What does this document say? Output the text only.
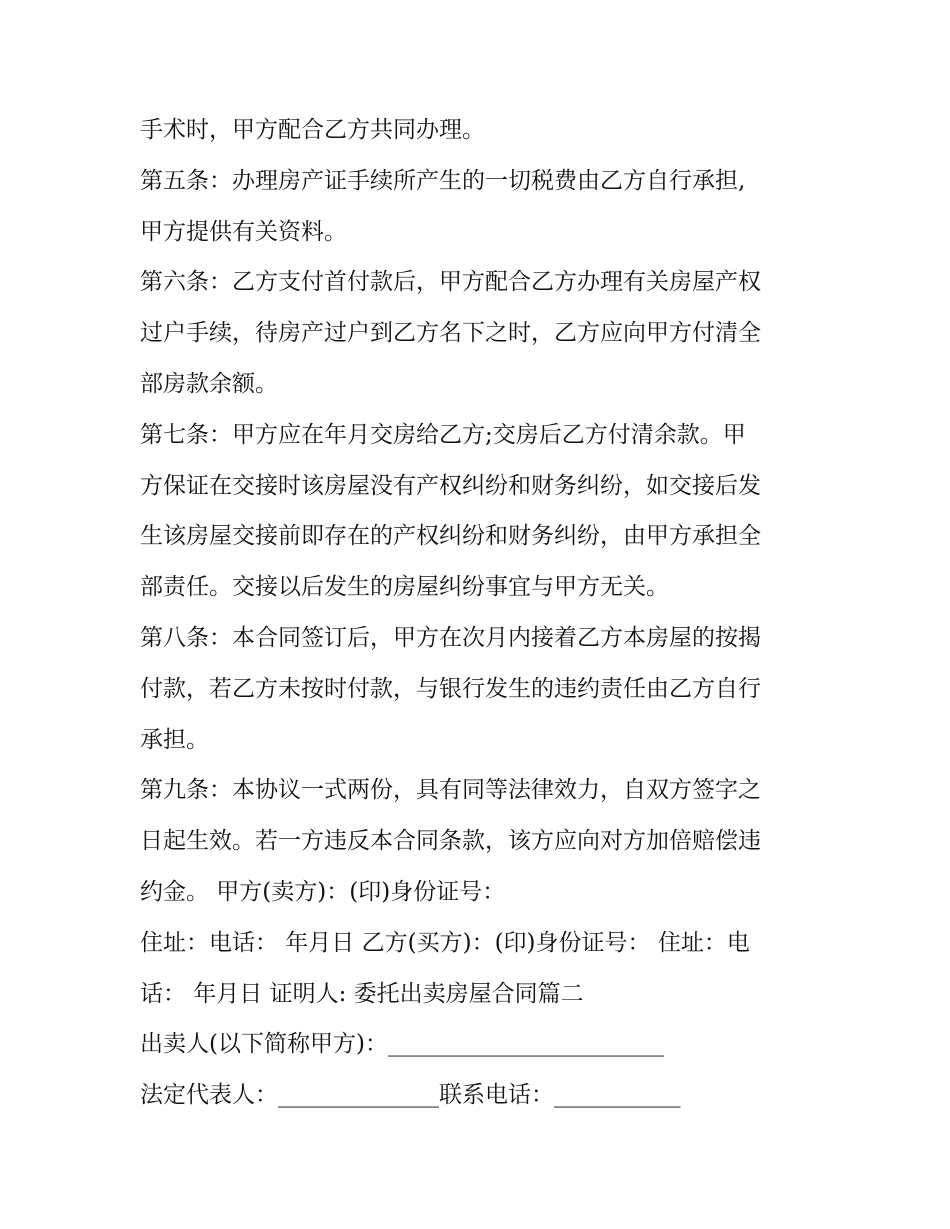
手术时，甲方配合乙方共同办理。

第五条：办理房产证手续所产生的一切税费由乙方自行承担,

甲方提供有关资料。

第六条：乙方支付首付款后，甲方配合乙方办理有关房屋产权

过户手续，待房产过户到乙方名下之时，乙方应向甲方付清全

部房款余额。

第七条：甲方应在年月交房给乙方;交房后乙方付清余款。甲

方保证在交接时该房屋没有产权纠纷和财务纠纷，如交接后发

生该房屋交接前即存在的产权纠纷和财务纠纷，由甲方承担全

部责任。交接以后发生的房屋纠纷事宜与甲方无关。

第八条：本合同签订后，甲方在次月内接着乙方本房屋的按揭

付款，若乙方未按时付款，与银行发生的违约责任由乙方自行

承担。

第九条：本协议一式两份，具有同等法律效力，自双方签字之

日起生效。若一方违反本合同条款，该方应向对方加倍赔偿违

约金。 甲方(卖方)：(印)身份证号：

住址：电话： 年月日 乙方(买方)：(印)身份证号： 住址：电

话： 年月日 证明人: 委托出卖房屋合同篇二

出卖人(以下简称甲方)：________________________

法定代表人：______________联系电话：___________
